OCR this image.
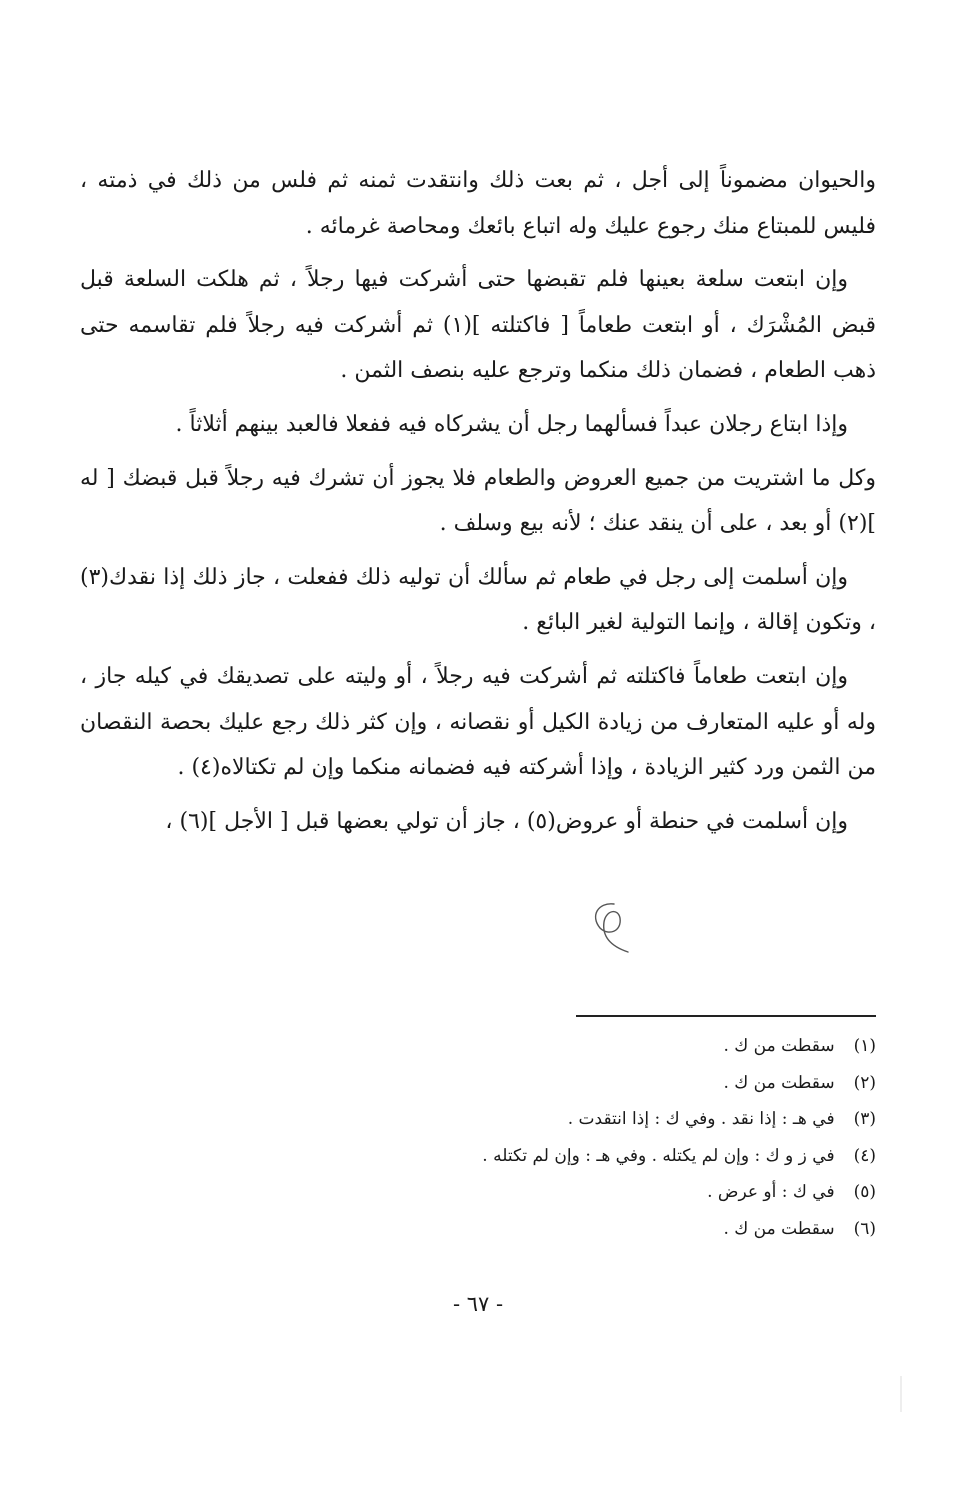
والحيوان مضموناً إلى أجل ، ثم بعت ذلك وانتقدت ثمنه ثم فلس من ذلك في ذمته ، فليس للمبتاع منك رجوع عليك وله اتباع بائعك ومحاصة غرمائه .

وإن ابتعت سلعة بعينها فلم تقبضها حتى أشركت فيها رجلاً ، ثم هلكت السلعة قبل قبض المُشْرَك ، أو ابتعت طعاماً [ فاكتلته ](١) ثم أشركت فيه رجلاً فلم تقاسمه حتى ذهب الطعام ، فضمان ذلك منكما وترجع عليه بنصف الثمن .

وإذا ابتاع رجلان عبداً فسألهما رجل أن يشركاه فيه ففعلا فالعبد بينهم أثلاثاً .

وكل ما اشتريت من جميع العروض والطعام فلا يجوز أن تشرك فيه رجلاً قبل قبضك [ له ](٢) أو بعد ، على أن ينقد عنك ؛ لأنه بيع وسلف .

وإن أسلمت إلى رجل في طعام ثم سألك أن توليه ذلك ففعلت ، جاز ذلك إذا نقدك(٣) ، وتكون إقالة ، وإنما التولية لغير البائع .

وإن ابتعت طعاماً فاكتلته ثم أشركت فيه رجلاً ، أو وليته على تصديقك في كيله جاز ، وله أو عليه المتعارف من زيادة الكيل أو نقصانه ، وإن كثر ذلك رجع عليك بحصة النقصان من الثمن ورد كثير الزيادة ، وإذا أشركته فيه فضمانه منكما وإن لم تكتالاه(٤) .

وإن أسلمت في حنطة أو عروض(٥) ، جاز أن تولي بعضها قبل [ الأجل ](٦) ،

(١) سقطت من ك .
(٢) سقطت من ك .
(٣) في هـ : إذا نقد . وفي ك : إذا انتقدت .
(٤) في ز و ك : وإن لم يكتله . وفي هـ : وإن لم تكتله .
(٥) في ك : أو عرض .
(٦) سقطت من ك .
- ٦٧ -
